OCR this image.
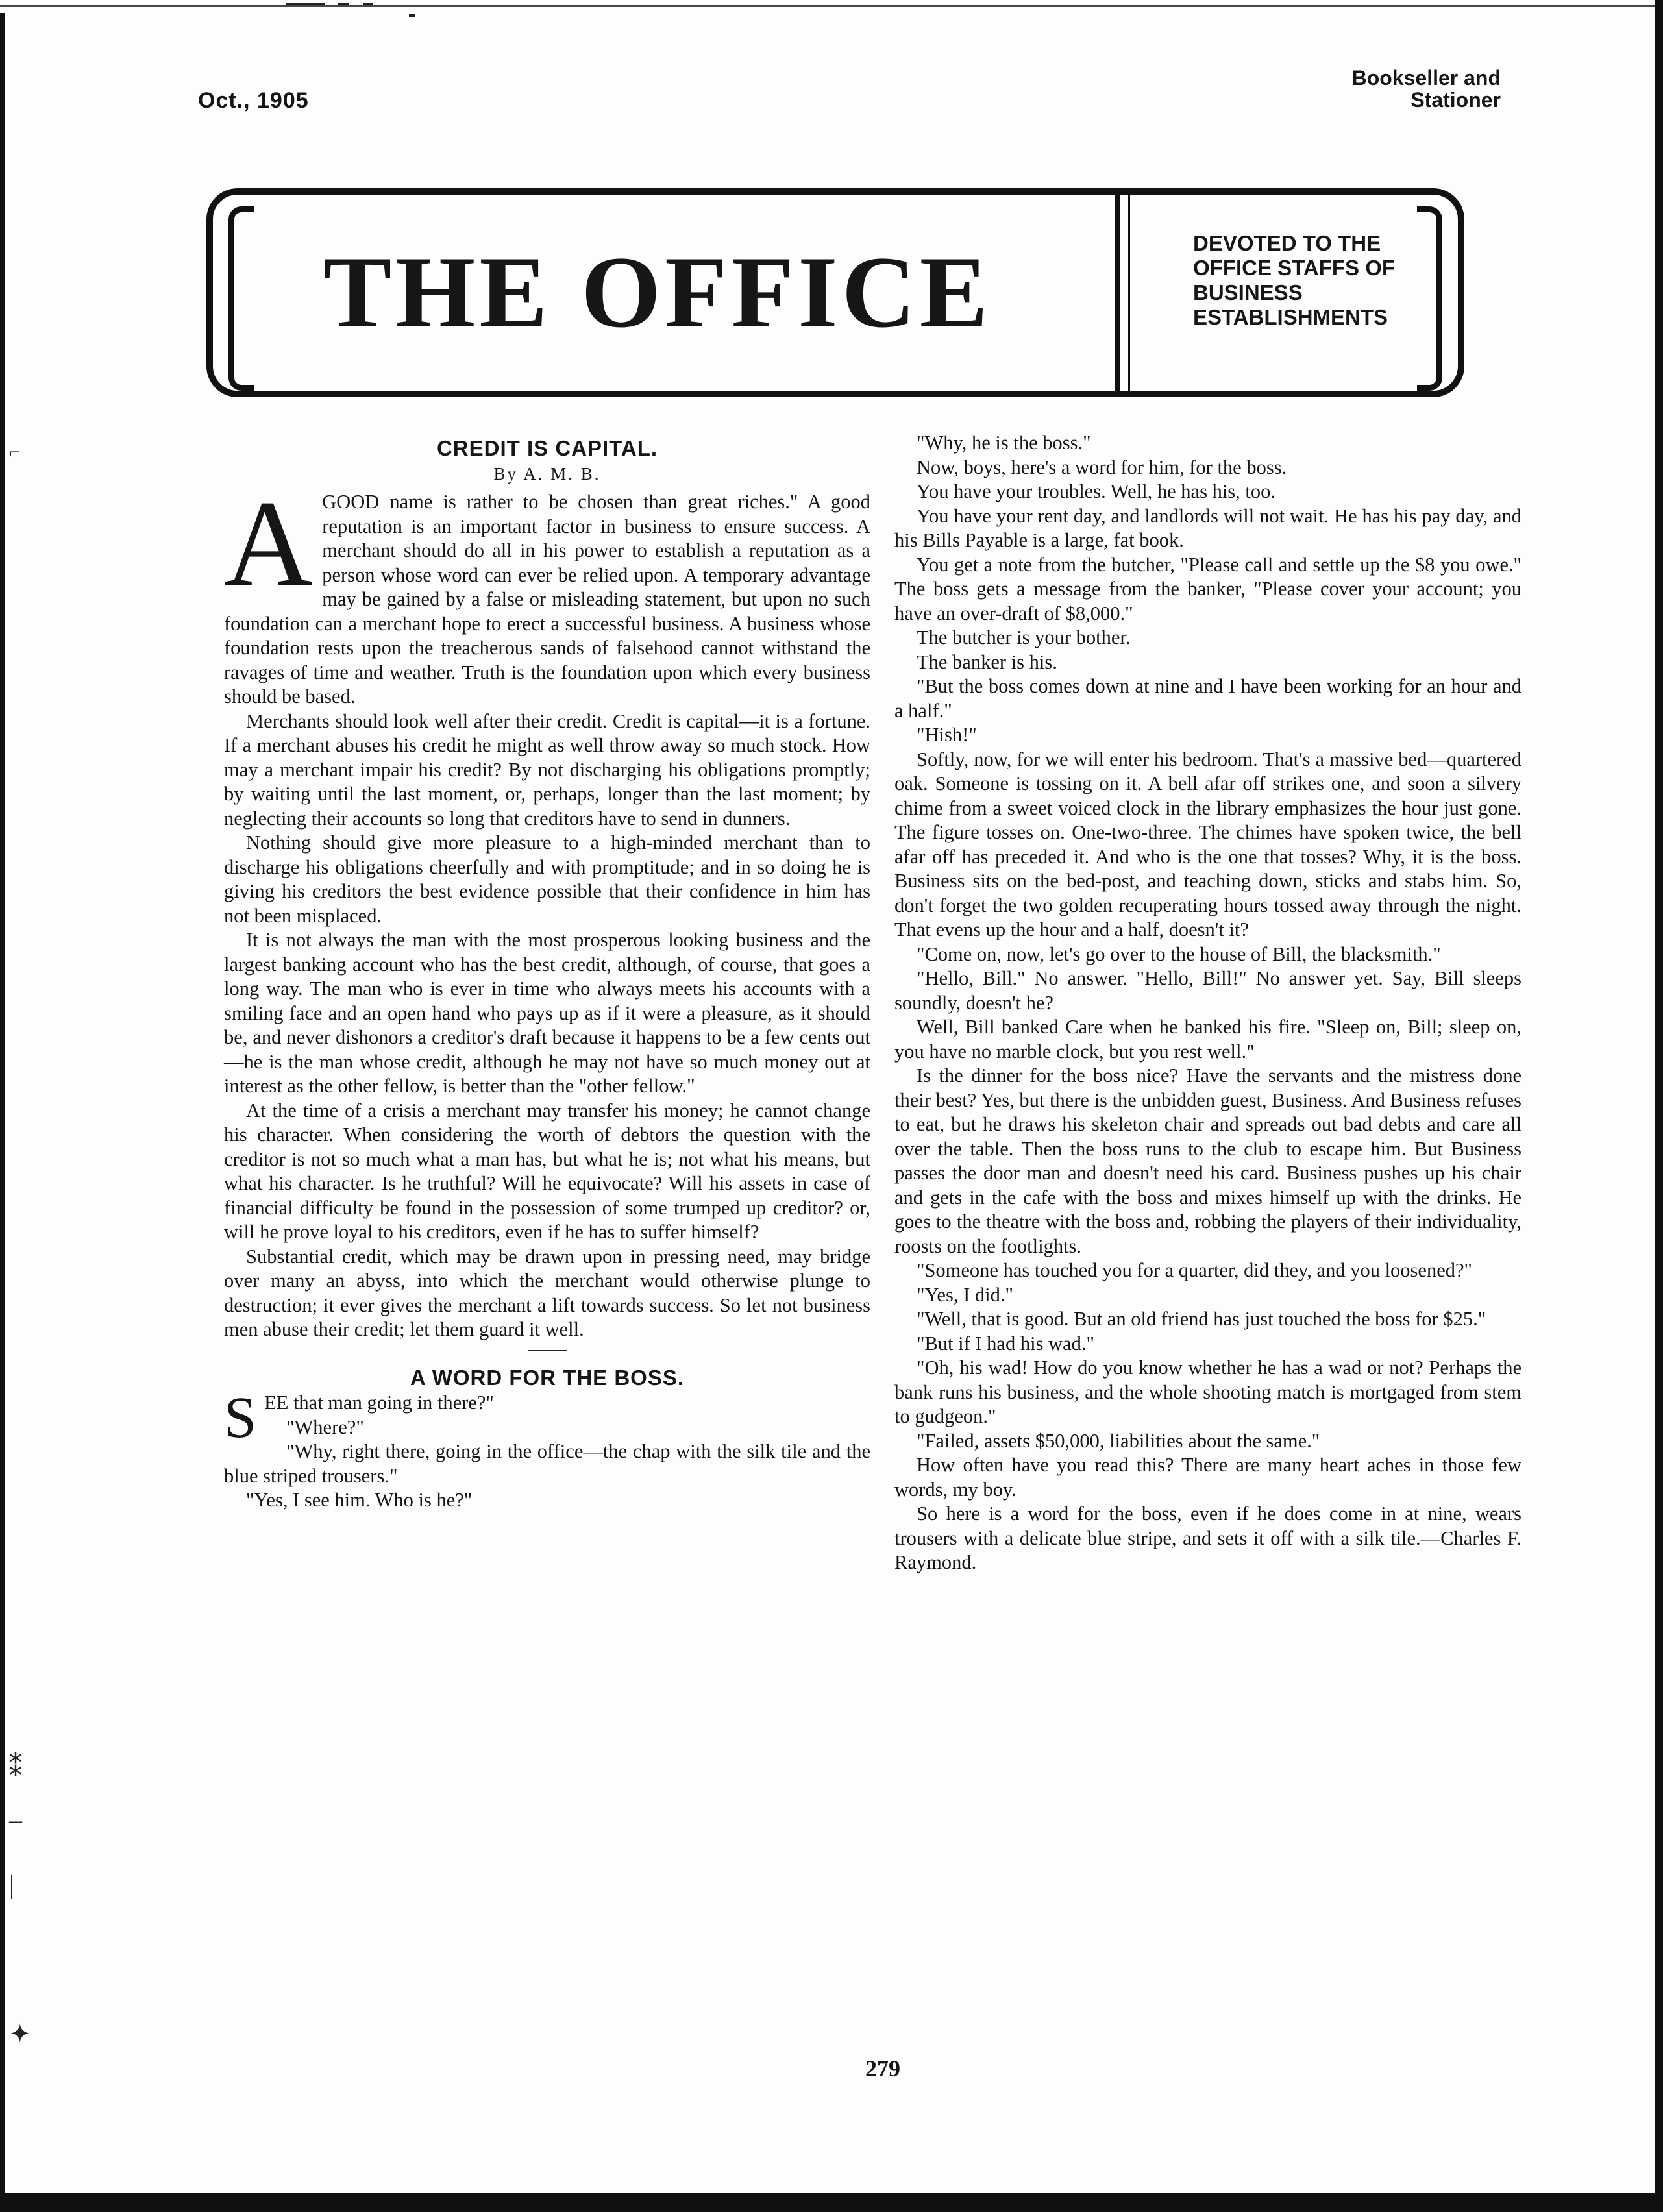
⌐
⁑
–
|
✦
Oct., 1905
Bookseller and
Stationer
THE OFFICE	DEVOTED TO THE OFFICE STAFFS OF BUSINESS ESTABLISHMENTS
CREDIT IS CAPITAL.
By A. M. B.

AGOOD name is rather to be chosen than great riches." A good reputation is an important factor in business to ensure success. A merchant should do all in his power to establish a reputation as a person whose word can ever be relied upon. A temporary advantage may be gained by a false or misleading statement, but upon no such foundation can a merchant hope to erect a successful business. A business whose foundation rests upon the treacherous sands of falsehood cannot withstand the ravages of time and weather. Truth is the foundation upon which every business should be based.

Merchants should look well after their credit. Credit is capital—it is a fortune. If a merchant abuses his credit he might as well throw away so much stock. How may a merchant impair his credit? By not discharging his obligations promptly; by waiting until the last moment, or, perhaps, longer than the last moment; by neglecting their accounts so long that creditors have to send in dunners.

Nothing should give more pleasure to a high-minded merchant than to discharge his obligations cheerfully and with promptitude; and in so doing he is giving his creditors the best evidence possible that their confidence in him has not been misplaced.

It is not always the man with the most prosperous looking business and the largest banking account who has the best credit, although, of course, that goes a long way. The man who is ever in time who always meets his accounts with a smiling face and an open hand who pays up as if it were a pleasure, as it should be, and never dishonors a creditor's draft because it happens to be a few cents out—he is the man whose credit, although he may not have so much money out at interest as the other fellow, is better than the "other fellow."

At the time of a crisis a merchant may transfer his money; he cannot change his character. When considering the worth of debtors the question with the creditor is not so much what a man has, but what he is; not what his means, but what his character. Is he truthful? Will he equivocate? Will his assets in case of financial difficulty be found in the possession of some trumped up creditor? or, will he prove loyal to his creditors, even if he has to suffer himself?

Substantial credit, which may be drawn upon in pressing need, may bridge over many an abyss, into which the merchant would otherwise plunge to destruction; it ever gives the merchant a lift towards success. So let not business men abuse their credit; let them guard it well.

A WORD FOR THE BOSS.

SEE that man going in there?"

"Where?"

"Why, right there, going in the office—the chap with the silk tile and the blue striped trousers."

"Yes, I see him. Who is he?"

"Why, he is the boss."

Now, boys, here's a word for him, for the boss.

You have your troubles. Well, he has his, too.

You have your rent day, and landlords will not wait. He has his pay day, and his Bills Payable is a large, fat book.

You get a note from the butcher, "Please call and settle up the $8 you owe." The boss gets a message from the banker, "Please cover your account; you have an over-draft of $8,000."

The butcher is your bother.

The banker is his.

"But the boss comes down at nine and I have been working for an hour and a half."

"Hish!"

Softly, now, for we will enter his bedroom. That's a massive bed—quartered oak. Someone is tossing on it. A bell afar off strikes one, and soon a silvery chime from a sweet voiced clock in the library emphasizes the hour just gone. The figure tosses on. One-two-three. The chimes have spoken twice, the bell afar off has preceded it. And who is the one that tosses? Why, it is the boss. Business sits on the bed-post, and teaching down, sticks and stabs him. So, don't forget the two golden recuperating hours tossed away through the night. That evens up the hour and a half, doesn't it?

"Come on, now, let's go over to the house of Bill, the blacksmith."

"Hello, Bill." No answer. "Hello, Bill!" No answer yet. Say, Bill sleeps soundly, doesn't he?

Well, Bill banked Care when he banked his fire. "Sleep on, Bill; sleep on, you have no marble clock, but you rest well."

Is the dinner for the boss nice? Have the servants and the mistress done their best? Yes, but there is the unbidden guest, Business. And Business refuses to eat, but he draws his skeleton chair and spreads out bad debts and care all over the table. Then the boss runs to the club to escape him. But Business passes the door man and doesn't need his card. Business pushes up his chair and gets in the cafe with the boss and mixes himself up with the drinks. He goes to the theatre with the boss and, robbing the players of their individuality, roosts on the footlights.

"Someone has touched you for a quarter, did they, and you loosened?"

"Yes, I did."

"Well, that is good. But an old friend has just touched the boss for $25."

"But if I had his wad."

"Oh, his wad! How do you know whether he has a wad or not? Perhaps the bank runs his business, and the whole shooting match is mortgaged from stem to gudgeon."

"Failed, assets $50,000, liabilities about the same."

How often have you read this? There are many heart aches in those few words, my boy.

So here is a word for the boss, even if he does come in at nine, wears trousers with a delicate blue stripe, and sets it off with a silk tile.—Charles F. Raymond.

279
